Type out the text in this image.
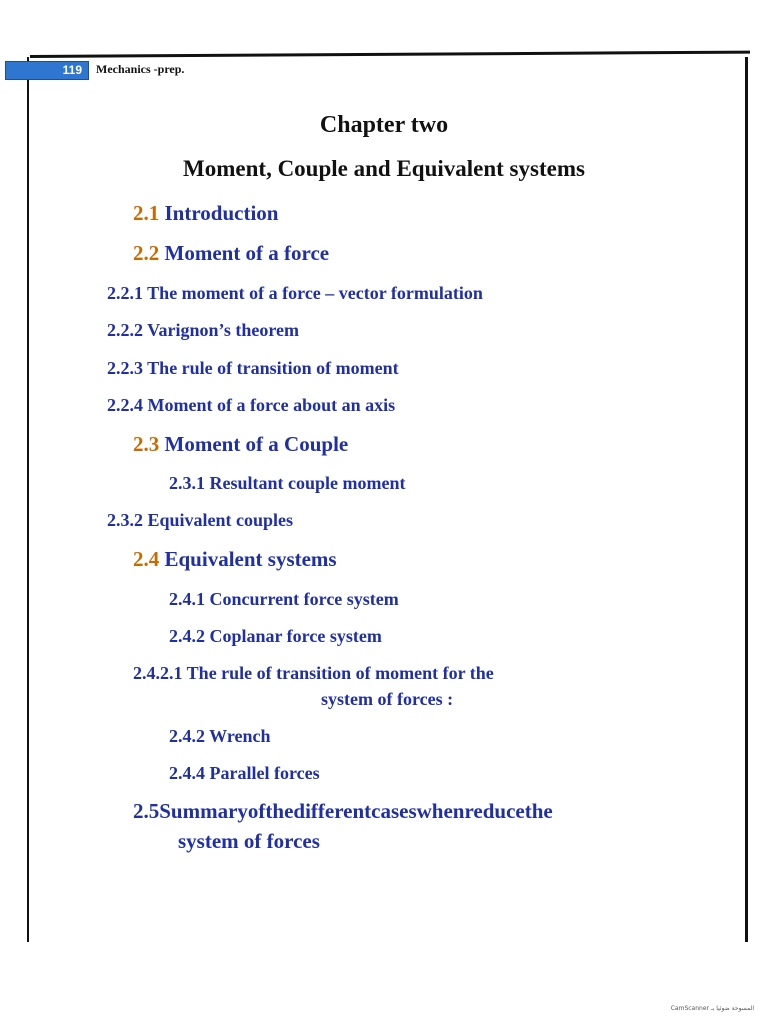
119 Mechanics -prep.
Chapter two
Moment, Couple and Equivalent systems
2.1 Introduction
2.2 Moment of a force
2.2.1 The moment of a force – vector formulation
2.2.2 Varignon’s theorem
2.2.3 The rule of transition of moment
2.2.4 Moment of a force about an axis
2.3 Moment of a Couple
2.3.1 Resultant couple moment
2.3.2 Equivalent couples
2.4 Equivalent systems
2.4.1 Concurrent force system
2.4.2 Coplanar force system
2.4.2.1 The rule of transition of moment for the
system of forces :
2.4.2 Wrench
2.4.4 Parallel forces
2.5Summaryofthedifferentcaseswhenreducethe
system of forces
CamScanner المسوحة ضوئيا بـ
